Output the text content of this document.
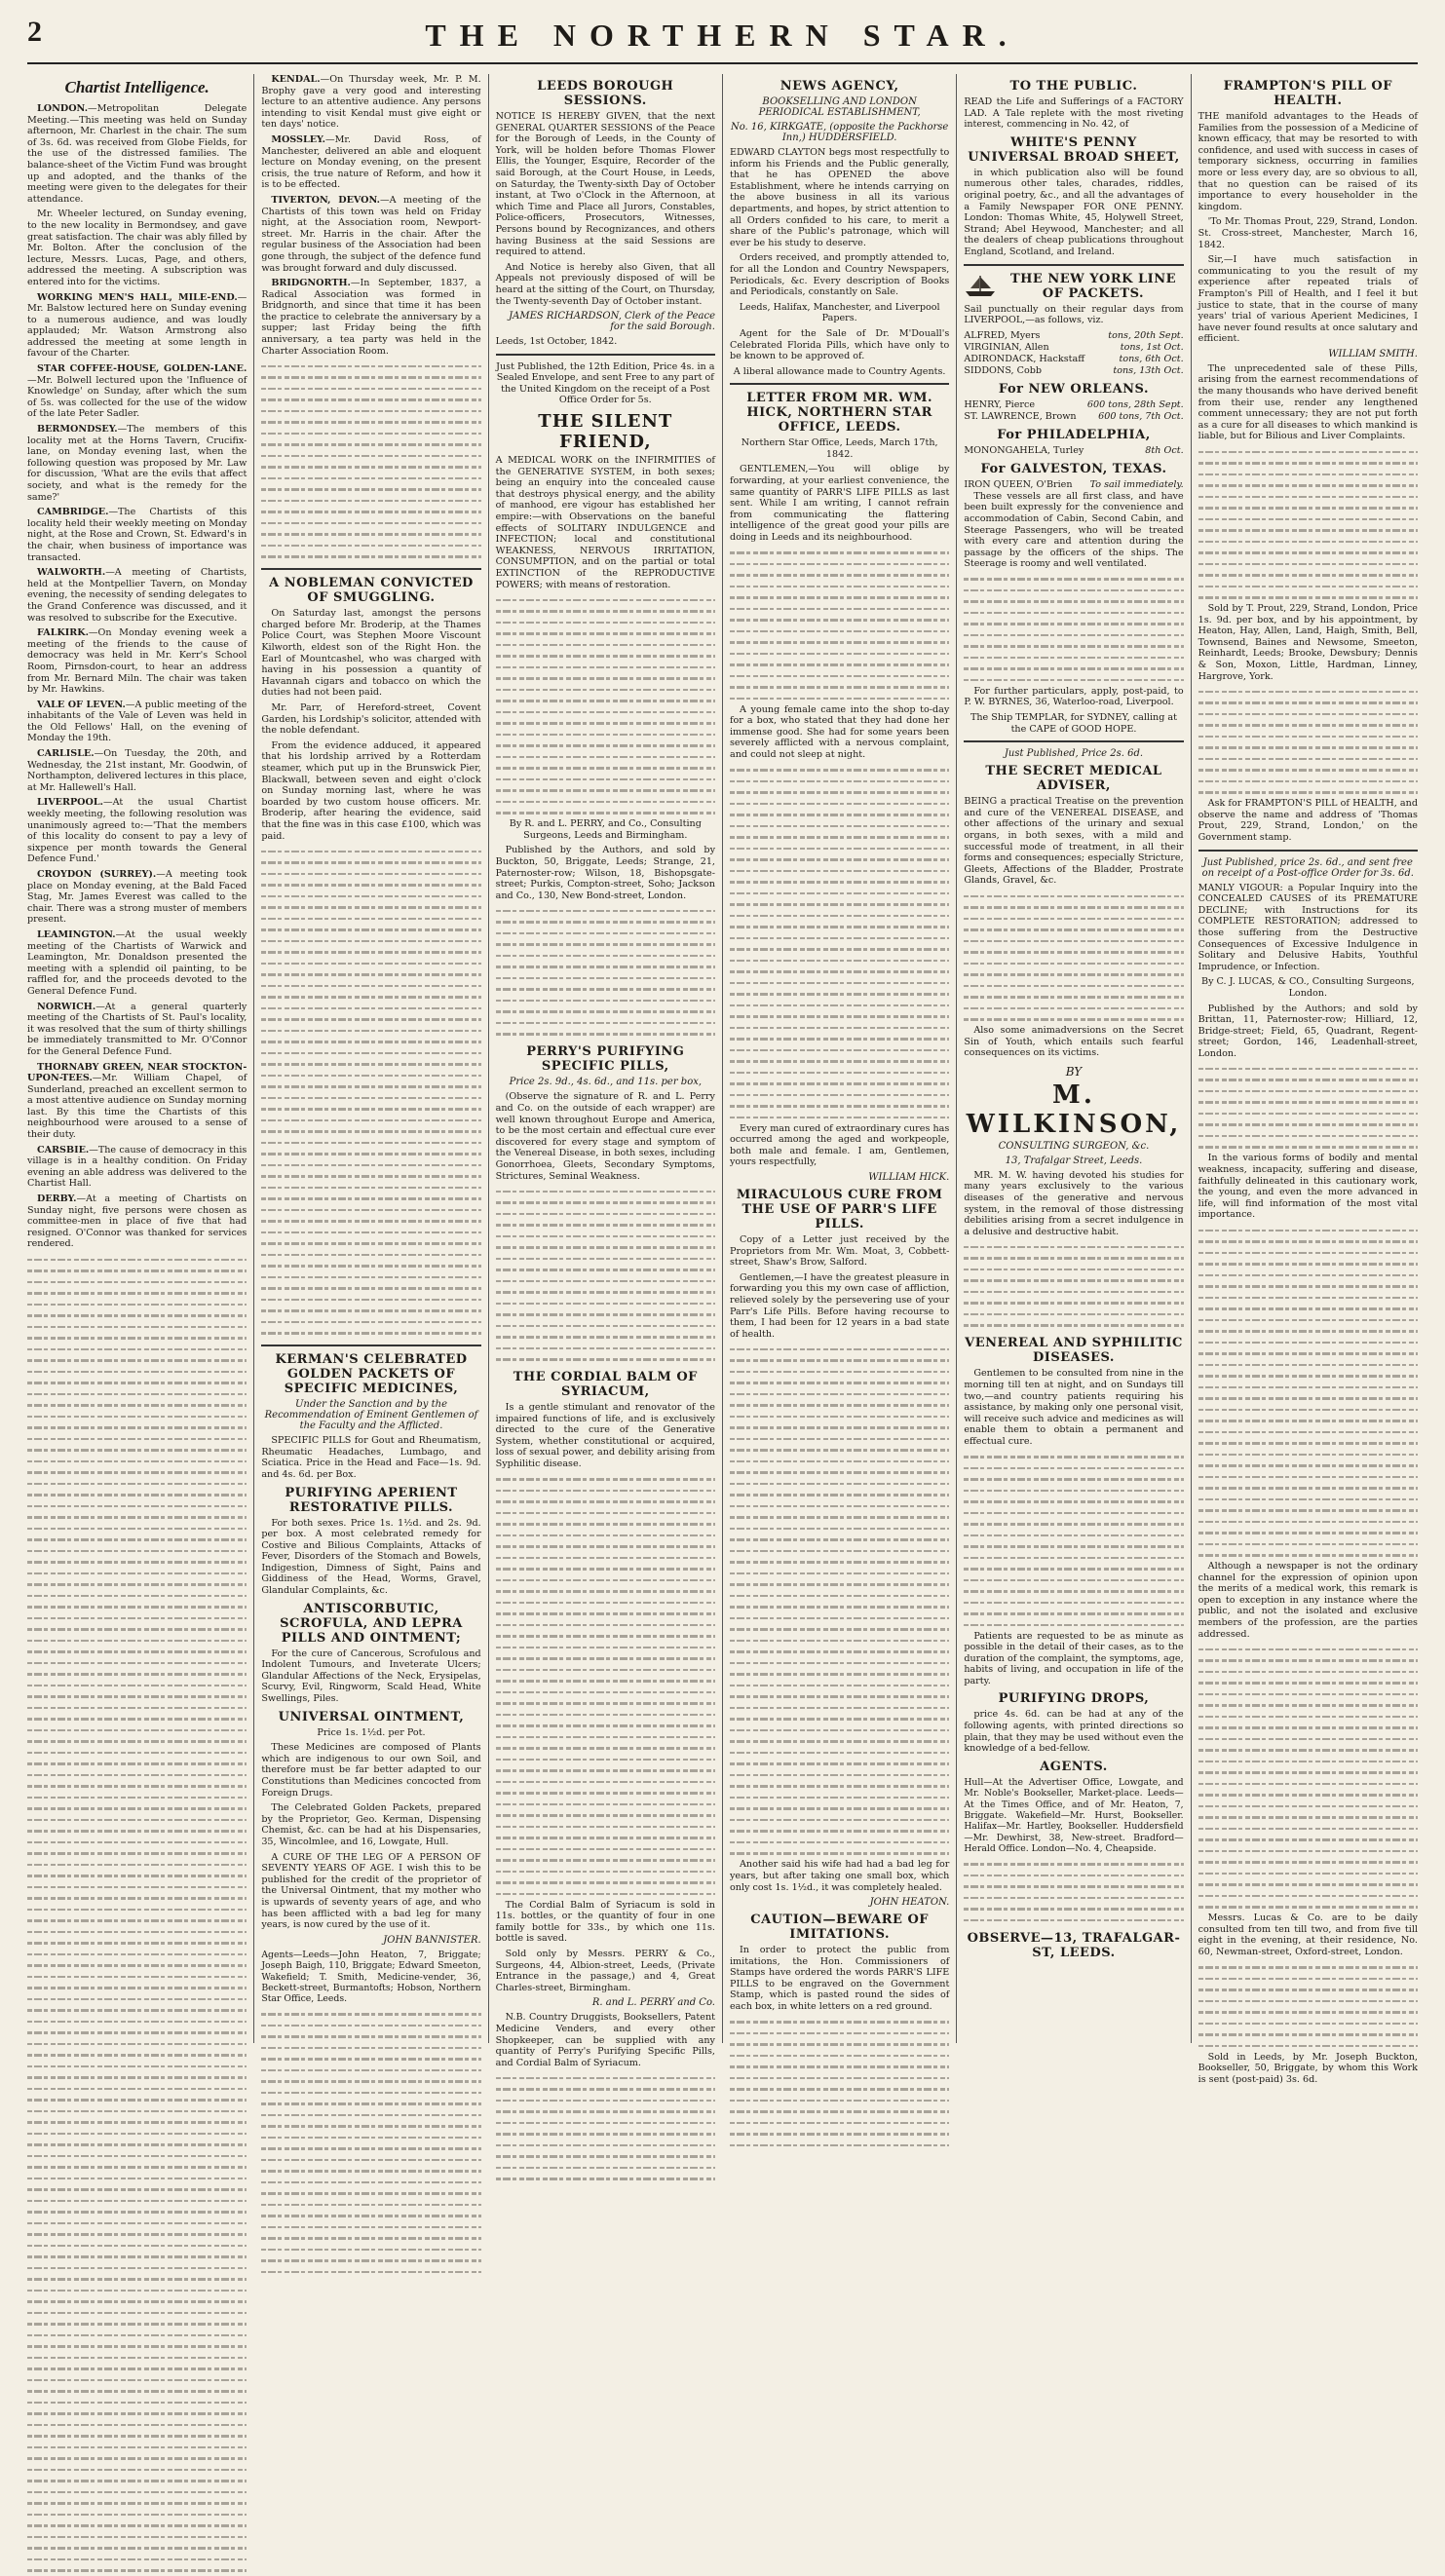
2	THE NORTHERN STAR.
Chartist Intelligence.

LONDON.—Metropolitan Delegate Meeting.—This meeting was held on Sunday afternoon, Mr. Charlest in the chair. The sum of 3s. 6d. was received from Globe Fields, for the use of the distressed families. The balance-sheet of the Victim Fund was brought up and adopted, and the thanks of the meeting were given to the delegates for their attendance.

Mr. Wheeler lectured, on Sunday evening, to the new locality in Bermondsey, and gave great satisfaction. The chair was ably filled by Mr. Bolton. After the conclusion of the lecture, Messrs. Lucas, Page, and others, addressed the meeting. A subscription was entered into for the victims.

WORKING MEN'S HALL, MILE-END.—Mr. Balstow lectured here on Sunday evening to a numerous audience, and was loudly applauded; Mr. Watson Armstrong also addressed the meeting at some length in favour of the Charter.

STAR COFFEE-HOUSE, GOLDEN-LANE.—Mr. Bolwell lectured upon the 'Influence of Knowledge' on Sunday, after which the sum of 5s. was collected for the use of the widow of the late Peter Sadler.

BERMONDSEY.—The members of this locality met at the Horns Tavern, Crucifix-lane, on Monday evening last, when the following question was proposed by Mr. Law for discussion, 'What are the evils that affect society, and what is the remedy for the same?'

CAMBRIDGE.—The Chartists of this locality held their weekly meeting on Monday night, at the Rose and Crown, St. Edward's in the chair, when business of importance was transacted.

WALWORTH.—A meeting of Chartists, held at the Montpellier Tavern, on Monday evening, the necessity of sending delegates to the Grand Conference was discussed, and it was resolved to subscribe for the Executive.

FALKIRK.—On Monday evening week a meeting of the friends to the cause of democracy was held in Mr. Kerr's School Room, Pirnsdon-court, to hear an address from Mr. Bernard Miln. The chair was taken by Mr. Hawkins.

VALE OF LEVEN.—A public meeting of the inhabitants of the Vale of Leven was held in the Old Fellows' Hall, on the evening of Monday the 19th.

CARLISLE.—On Tuesday, the 20th, and Wednesday, the 21st instant, Mr. Goodwin, of Northampton, delivered lectures in this place, at Mr. Hallewell's Hall.

LIVERPOOL.—At the usual Chartist weekly meeting, the following resolution was unanimously agreed to:—'That the members of this locality do consent to pay a levy of sixpence per month towards the General Defence Fund.'

CROYDON (SURREY).—A meeting took place on Monday evening, at the Bald Faced Stag, Mr. James Everest was called to the chair. There was a strong muster of members present.

LEAMINGTON.—At the usual weekly meeting of the Chartists of Warwick and Leamington, Mr. Donaldson presented the meeting with a splendid oil painting, to be raffled for, and the proceeds devoted to the General Defence Fund.

NORWICH.—At a general quarterly meeting of the Chartists of St. Paul's locality, it was resolved that the sum of thirty shillings be immediately transmitted to Mr. O'Connor for the General Defence Fund.

THORNABY GREEN, NEAR STOCKTON-UPON-TEES.—Mr. William Chapel, of Sunderland, preached an excellent sermon to a most attentive audience on Sunday morning last. By this time the Chartists of this neighbourhood were aroused to a sense of their duty.

CARSBIE.—The cause of democracy in this village is in a healthy condition. On Friday evening an able address was delivered to the Chartist Hall.

DERBY.—At a meeting of Chartists on Sunday night, five persons were chosen as committee-men in place of five that had resigned. O'Connor was thanked for services rendered.

KENDAL.—On Thursday week, Mr. P. M. Brophy gave a very good and interesting lecture to an attentive audience. Any persons intending to visit Kendal must give eight or ten days' notice.

MOSSLEY.—Mr. David Ross, of Manchester, delivered an able and eloquent lecture on Monday evening, on the present crisis, the true nature of Reform, and how it is to be effected.

TIVERTON, DEVON.—A meeting of the Chartists of this town was held on Friday night, at the Association room, Newport-street. Mr. Harris in the chair. After the regular business of the Association had been gone through, the subject of the defence fund was brought forward and duly discussed.

BRIDGNORTH.—In September, 1837, a Radical Association was formed in Bridgnorth, and since that time it has been the practice to celebrate the anniversary by a supper; last Friday being the fifth anniversary, a tea party was held in the Charter Association Room.

A NOBLEMAN CONVICTED OF SMUGGLING.

On Saturday last, amongst the persons charged before Mr. Broderip, at the Thames Police Court, was Stephen Moore Viscount Kilworth, eldest son of the Right Hon. the Earl of Mountcashel, who was charged with having in his possession a quantity of Havannah cigars and tobacco on which the duties had not been paid.

Mr. Parr, of Hereford-street, Covent Garden, his Lordship's solicitor, attended with the noble defendant.

From the evidence adduced, it appeared that his lordship arrived by a Rotterdam steamer, which put up in the Brunswick Pier, Blackwall, between seven and eight o'clock on Sunday morning last, where he was boarded by two custom house officers. Mr. Broderip, after hearing the evidence, said that the fine was in this case £100, which was paid.

KERMAN'S CELEBRATED GOLDEN PACKETS OF SPECIFIC MEDICINES,
Under the Sanction and by the Recommendation of Eminent Gentlemen of the Faculty and the Afflicted.

SPECIFIC PILLS for Gout and Rheumatism, Rheumatic Headaches, Lumbago, and Sciatica. Price in the Head and Face—1s. 9d. and 4s. 6d. per Box.

PURIFYING APERIENT RESTORATIVE PILLS.

For both sexes. Price 1s. 1½d. and 2s. 9d. per box. A most celebrated remedy for Costive and Bilious Complaints, Attacks of Fever, Disorders of the Stomach and Bowels, Indigestion, Dimness of Sight, Pains and Giddiness of the Head, Worms, Gravel, Glandular Complaints, &c.

ANTISCORBUTIC, SCROFULA, AND LEPRA PILLS AND OINTMENT;

For the cure of Cancerous, Scrofulous and Indolent Tumours, and Inveterate Ulcers; Glandular Affections of the Neck, Erysipelas, Scurvy, Evil, Ringworm, Scald Head, White Swellings, Piles.

UNIVERSAL OINTMENT,

Price 1s. 1½d. per Pot.

These Medicines are composed of Plants which are indigenous to our own Soil, and therefore must be far better adapted to our Constitutions than Medicines concocted from Foreign Drugs.

The Celebrated Golden Packets, prepared by the Proprietor, Geo. Kerman, Dispensing Chemist, &c. can be had at his Dispensaries, 35, Wincolmlee, and 16, Lowgate, Hull.

A CURE OF THE LEG OF A PERSON OF SEVENTY YEARS OF AGE. I wish this to be published for the credit of the proprietor of the Universal Ointment, that my mother who is upwards of seventy years of age, and who has been afflicted with a bad leg for many years, is now cured by the use of it.

JOHN BANNISTER.

Agents—Leeds—John Heaton, 7, Briggate; Joseph Baigh, 110, Briggate; Edward Smeeton, Wakefield; T. Smith, Medicine-vender, 36, Beckett-street, Burmantofts; Hobson, Northern Star Office, Leeds.

LEEDS BOROUGH SESSIONS.

NOTICE IS HEREBY GIVEN, that the next GENERAL QUARTER SESSIONS of the Peace for the Borough of Leeds, in the County of York, will be holden before Thomas Flower Ellis, the Younger, Esquire, Recorder of the said Borough, at the Court House, in Leeds, on Saturday, the Twenty-sixth Day of October instant, at Two o'Clock in the Afternoon, at which Time and Place all Jurors, Constables, Police-officers, Prosecutors, Witnesses, Persons bound by Recognizances, and others having Business at the said Sessions are required to attend.

And Notice is hereby also Given, that all Appeals not previously disposed of will be heard at the sitting of the Court, on Thursday, the Twenty-seventh Day of October instant.

JAMES RICHARDSON, Clerk of the Peace for the said Borough.

Leeds, 1st October, 1842.

Just Published, the 12th Edition, Price 4s. in a Sealed Envelope, and sent Free to any part of the United Kingdom on the receipt of a Post Office Order for 5s.

THE SILENT FRIEND,

A MEDICAL WORK on the INFIRMITIES of the GENERATIVE SYSTEM, in both sexes; being an enquiry into the concealed cause that destroys physical energy, and the ability of manhood, ere vigour has established her empire:—with Observations on the baneful effects of SOLITARY INDULGENCE and INFECTION; local and constitutional WEAKNESS, NERVOUS IRRITATION, CONSUMPTION, and on the partial or total EXTINCTION of the REPRODUCTIVE POWERS; with means of restoration.

By R. and L. PERRY, and Co., Consulting Surgeons, Leeds and Birmingham.

Published by the Authors, and sold by Buckton, 50, Briggate, Leeds; Strange, 21, Paternoster-row; Wilson, 18, Bishopsgate-street; Purkis, Compton-street, Soho; Jackson and Co., 130, New Bond-street, London.

PERRY'S PURIFYING SPECIFIC PILLS,
Price 2s. 9d., 4s. 6d., and 11s. per box,

(Observe the signature of R. and L. Perry and Co. on the outside of each wrapper) are well known throughout Europe and America, to be the most certain and effectual cure ever discovered for every stage and symptom of the Venereal Disease, in both sexes, including Gonorrhoea, Gleets, Secondary Symptoms, Strictures, Seminal Weakness.

THE CORDIAL BALM OF SYRIACUM,

Is a gentle stimulant and renovator of the impaired functions of life, and is exclusively directed to the cure of the Generative System, whether constitutional or acquired, loss of sexual power, and debility arising from Syphilitic disease.

The Cordial Balm of Syriacum is sold in 11s. bottles, or the quantity of four in one family bottle for 33s., by which one 11s. bottle is saved.

Sold only by Messrs. PERRY & Co., Surgeons, 44, Albion-street, Leeds, (Private Entrance in the passage,) and 4, Great Charles-street, Birmingham.

R. and L. PERRY and Co.

N.B. Country Druggists, Booksellers, Patent Medicine Venders, and every other Shopkeeper, can be supplied with any quantity of Perry's Purifying Specific Pills, and Cordial Balm of Syriacum.

NEWS AGENCY,
BOOKSELLING AND LONDON PERIODICAL ESTABLISHMENT,
No. 16, KIRKGATE, (opposite the Packhorse Inn,) HUDDERSFIELD.

EDWARD CLAYTON begs most respectfully to inform his Friends and the Public generally, that he has OPENED the above Establishment, where he intends carrying on the above business in all its various departments, and hopes, by strict attention to all Orders confided to his care, to merit a share of the Public's patronage, which will ever be his study to deserve.

Orders received, and promptly attended to, for all the London and Country Newspapers, Periodicals, &c. Every description of Books and Periodicals, constantly on Sale.

Leeds, Halifax, Manchester, and Liverpool Papers.

Agent for the Sale of Dr. M'Douall's Celebrated Florida Pills, which have only to be known to be approved of.

A liberal allowance made to Country Agents.

LETTER FROM MR. WM. HICK, NORTHERN STAR OFFICE, LEEDS.

Northern Star Office, Leeds, March 17th, 1842.

GENTLEMEN,—You will oblige by forwarding, at your earliest convenience, the same quantity of PARR'S LIFE PILLS as last sent. While I am writing, I cannot refrain from communicating the flattering intelligence of the great good your pills are doing in Leeds and its neighbourhood.

A young female came into the shop to-day for a box, who stated that they had done her immense good. She had for some years been severely afflicted with a nervous complaint, and could not sleep at night.

Every man cured of extraordinary cures has occurred among the aged and workpeople, both male and female. I am, Gentlemen, yours respectfully,

WILLIAM HICK.
MIRACULOUS CURE FROM THE USE OF PARR'S LIFE PILLS.

Copy of a Letter just received by the Proprietors from Mr. Wm. Moat, 3, Cobbett-street, Shaw's Brow, Salford.

Gentlemen,—I have the greatest pleasure in forwarding you this my own case of affliction, relieved solely by the persevering use of your Parr's Life Pills. Before having recourse to them, I had been for 12 years in a bad state of health.

Another said his wife had had a bad leg for years, but after taking one small box, which only cost 1s. 1½d., it was completely healed.

JOHN HEATON.
CAUTION—BEWARE OF IMITATIONS.

In order to protect the public from imitations, the Hon. Commissioners of Stamps have ordered the words PARR'S LIFE PILLS to be engraved on the Government Stamp, which is pasted round the sides of each box, in white letters on a red ground.

TO THE PUBLIC.

READ the Life and Sufferings of a FACTORY LAD. A Tale replete with the most riveting interest, commencing in No. 42, of

WHITE'S PENNY UNIVERSAL BROAD SHEET,

in which publication also will be found numerous other tales, charades, riddles, original poetry, &c., and all the advantages of a Family Newspaper FOR ONE PENNY. London: Thomas White, 45, Holywell Street, Strand; Abel Heywood, Manchester; and all the dealers of cheap publications throughout England, Scotland, and Ireland.

THE NEW YORK LINE OF PACKETS.

Sail punctually on their regular days from LIVERPOOL,—as follows, viz.

ALFRED, Myers	tons, 20th Sept.
VIRGINIAN, Allen	tons, 1st Oct.
ADIRONDACK, Hackstaff	tons, 6th Oct.
SIDDONS, Cobb	tons, 13th Oct.
For NEW ORLEANS.
HENRY, Pierce	600 tons, 28th Sept.
ST. LAWRENCE, Brown 600 tons, 7th Oct.
For PHILADELPHIA,
MONONGAHELA, Turley	8th Oct.
For GALVESTON, TEXAS.
IRON QUEEN, O'Brien To sail immediately.

These vessels are all first class, and have been built expressly for the convenience and accommodation of Cabin, Second Cabin, and Steerage Passengers, who will be treated with every care and attention during the passage by the officers of the ships. The Steerage is roomy and well ventilated.

For further particulars, apply, post-paid, to P. W. BYRNES, 36, Waterloo-road, Liverpool.

The Ship TEMPLAR, for SYDNEY, calling at the CAPE of GOOD HOPE.

Just Published, Price 2s. 6d.
THE SECRET MEDICAL ADVISER,

BEING a practical Treatise on the prevention and cure of the VENEREAL DISEASE, and other affections of the urinary and sexual organs, in both sexes, with a mild and successful mode of treatment, in all their forms and consequences; especially Stricture, Gleets, Affections of the Bladder, Prostrate Glands, Gravel, &c.

Also some animadversions on the Secret Sin of Youth, which entails such fearful consequences on its victims.

BY
M. WILKINSON,
CONSULTING SURGEON, &c.
13, Trafalgar Street, Leeds.

MR. M. W. having devoted his studies for many years exclusively to the various diseases of the generative and nervous system, in the removal of those distressing debilities arising from a secret indulgence in a delusive and destructive habit.

VENEREAL AND SYPHILITIC DISEASES.

Gentlemen to be consulted from nine in the morning till ten at night, and on Sundays till two,—and country patients requiring his assistance, by making only one personal visit, will receive such advice and medicines as will enable them to obtain a permanent and effectual cure.

Patients are requested to be as minute as possible in the detail of their cases, as to the duration of the complaint, the symptoms, age, habits of living, and occupation in life of the party.

PURIFYING DROPS,

price 4s. 6d. can be had at any of the following agents, with printed directions so plain, that they may be used without even the knowledge of a bed-fellow.

AGENTS.

Hull—At the Advertiser Office, Lowgate, and Mr. Noble's Bookseller, Market-place. Leeds—At the Times Office, and of Mr. Heaton, 7, Briggate. Wakefield—Mr. Hurst, Bookseller. Halifax—Mr. Hartley, Bookseller. Huddersfield—Mr. Dewhirst, 38, New-street. Bradford—Herald Office. London—No. 4, Cheapside.

OBSERVE—13, TRAFALGAR-ST, LEEDS.
FRAMPTON'S PILL OF HEALTH.

THE manifold advantages to the Heads of Families from the possession of a Medicine of known efficacy, that may be resorted to with confidence, and used with success in cases of temporary sickness, occurring in families more or less every day, are so obvious to all, that no question can be raised of its importance to every householder in the kingdom.

'To Mr. Thomas Prout, 229, Strand, London. St. Cross-street, Manchester, March 16, 1842.

Sir,—I have much satisfaction in communicating to you the result of my experience after repeated trials of Frampton's Pill of Health, and I feel it but justice to state, that in the course of many years' trial of various Aperient Medicines, I have never found results at once salutary and efficient.

WILLIAM SMITH.

The unprecedented sale of these Pills, arising from the earnest recommendations of the many thousands who have derived benefit from their use, render any lengthened comment unnecessary; they are not put forth as a cure for all diseases to which mankind is liable, but for Bilious and Liver Complaints.

Sold by T. Prout, 229, Strand, London, Price 1s. 9d. per box, and by his appointment, by Heaton, Hay, Allen, Land, Haigh, Smith, Bell, Townsend, Baines and Newsome, Smeeton, Reinhardt, Leeds; Brooke, Dewsbury; Dennis & Son, Moxon, Little, Hardman, Linney, Hargrove, York.

Ask for FRAMPTON'S PILL of HEALTH, and observe the name and address of 'Thomas Prout, 229, Strand, London,' on the Government stamp.

Just Published, price 2s. 6d., and sent free on receipt of a Post-office Order for 3s. 6d.

MANLY VIGOUR: a Popular Inquiry into the CONCEALED CAUSES of its PREMATURE DECLINE; with Instructions for its COMPLETE RESTORATION; addressed to those suffering from the Destructive Consequences of Excessive Indulgence in Solitary and Delusive Habits, Youthful Imprudence, or Infection.

By C. J. LUCAS, & CO., Consulting Surgeons, London.

Published by the Authors; and sold by Brittan, 11, Paternoster-row; Hilliard, 12, Bridge-street; Field, 65, Quadrant, Regent-street; Gordon, 146, Leadenhall-street, London.

In the various forms of bodily and mental weakness, incapacity, suffering and disease, faithfully delineated in this cautionary work, the young, and even the more advanced in life, will find information of the most vital importance.

Although a newspaper is not the ordinary channel for the expression of opinion upon the merits of a medical work, this remark is open to exception in any instance where the public, and not the isolated and exclusive members of the profession, are the parties addressed.

Messrs. Lucas & Co. are to be daily consulted from ten till two, and from five till eight in the evening, at their residence, No. 60, Newman-street, Oxford-street, London.

Sold in Leeds, by Mr. Joseph Buckton, Bookseller, 50, Briggate, by whom this Work is sent (post-paid) 3s. 6d.
